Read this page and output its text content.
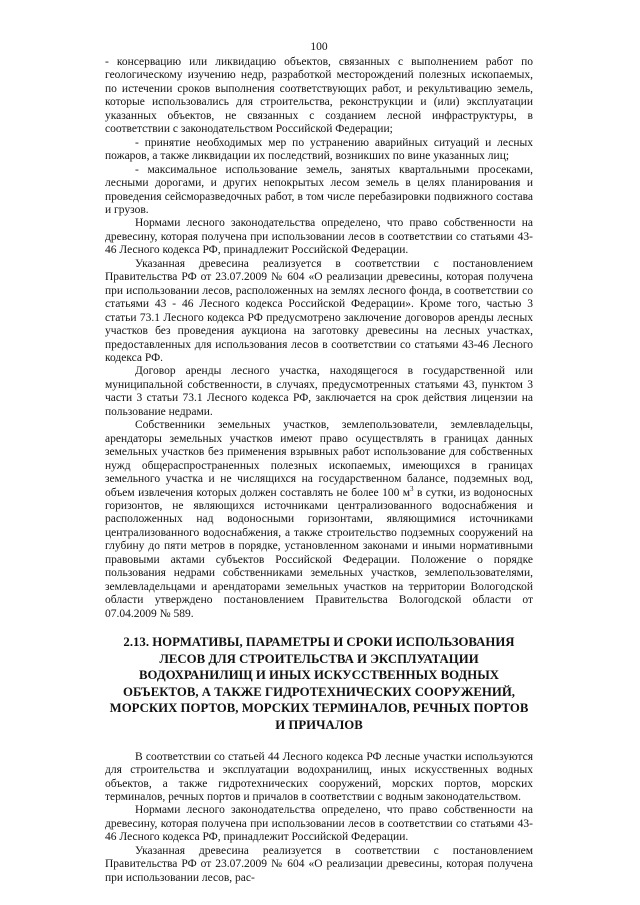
100

- консервацию или ликвидацию объектов, связанных с выполнением работ по геологическому изучению недр, разработкой месторождений полезных ископаемых, по истечении сроков выполнения соответствующих работ, и рекультивацию земель, которые использовались для строительства, реконструкции и (или) эксплуатации указанных объектов, не связанных с созданием лесной инфраструктуры, в соответствии с законодательством Российской Федерации;

- принятие необходимых мер по устранению аварийных ситуаций и лесных пожаров, а также ликвидации их последствий, возникших по вине указанных лиц;

- максимальное использование земель, занятых квартальными просеками, лесными дорогами, и других непокрытых лесом земель в целях планирования и проведения сейсморазведочных работ, в том числе перебазировки подвижного состава и грузов.

Нормами лесного законодательства определено, что право собственности на древесину, которая получена при использовании лесов в соответствии со статьями 43-46 Лесного кодекса РФ, принадлежит Российской Федерации.

Указанная древесина реализуется в соответствии с постановлением Правительства РФ от 23.07.2009 № 604 «О реализации древесины, которая получена при использовании лесов, расположенных на землях лесного фонда, в соответствии со статьями 43 - 46 Лесного кодекса Российской Федерации». Кроме того, частью 3 статьи 73.1 Лесного кодекса РФ предусмотрено заключение договоров аренды лесных участков без проведения аукциона на заготовку древесины на лесных участках, предоставленных для использования лесов в соответствии со статьями 43-46 Лесного кодекса РФ.

Договор аренды лесного участка, находящегося в государственной или муниципальной собственности, в случаях, предусмотренных статьями 43, пунктом 3 части 3 статьи 73.1 Лесного кодекса РФ, заключается на срок действия лицензии на пользование недрами.

Собственники земельных участков, землепользователи, землевладельцы, арендаторы земельных участков имеют право осуществлять в границах данных земельных участков без применения взрывных работ использование для собственных нужд общераспространенных полезных ископаемых, имеющихся в границах земельного участка и не числящихся на государственном балансе, подземных вод, объем извлечения которых должен составлять не более 100 $м^3$ в сутки, из водоносных горизонтов, не являющихся источниками централизованного водоснабжения и расположенных над водоносными горизонтами, являющимися источниками централизованного водоснабжения, а также строительство подземных сооружений на глубину до пяти метров в порядке, установленном законами и иными нормативными правовыми актами субъектов Российской Федерации. Положение о порядке пользования недрами собственниками земельных участков, землепользователями, землевладельцами и арендаторами земельных участков на территории Вологодской области утверждено постановлением Правительства Вологодской области от 07.04.2009 № 589.

2.13. НОРМАТИВЫ, ПАРАМЕТРЫ И СРОКИ ИСПОЛЬЗОВАНИЯ ЛЕСОВ ДЛЯ СТРОИТЕЛЬСТВА И ЭКСПЛУАТАЦИИ ВОДОХРАНИЛИЩ И ИНЫХ ИСКУССТВЕННЫХ ВОДНЫХ ОБЪЕКТОВ, А ТАКЖЕ ГИДРОТЕХНИЧЕСКИХ СООРУЖЕНИЙ, МОРСКИХ ПОРТОВ, МОРСКИХ ТЕРМИНАЛОВ, РЕЧНЫХ ПОРТОВ И ПРИЧАЛОВ

В соответствии со статьей 44 Лесного кодекса РФ лесные участки используются для строительства и эксплуатации водохранилищ, иных искусственных водных объектов, а также гидротехнических сооружений, морских портов, морских терминалов, речных портов и причалов в соответствии с водным законодательством.

Нормами лесного законодательства определено, что право собственности на древесину, которая получена при использовании лесов в соответствии со статьями 43-46 Лесного кодекса РФ, принадлежит Российской Федерации.

Указанная древесина реализуется в соответствии с постановлением Правительства РФ от 23.07.2009 № 604 «О реализации древесины, которая получена при использовании лесов, рас-
